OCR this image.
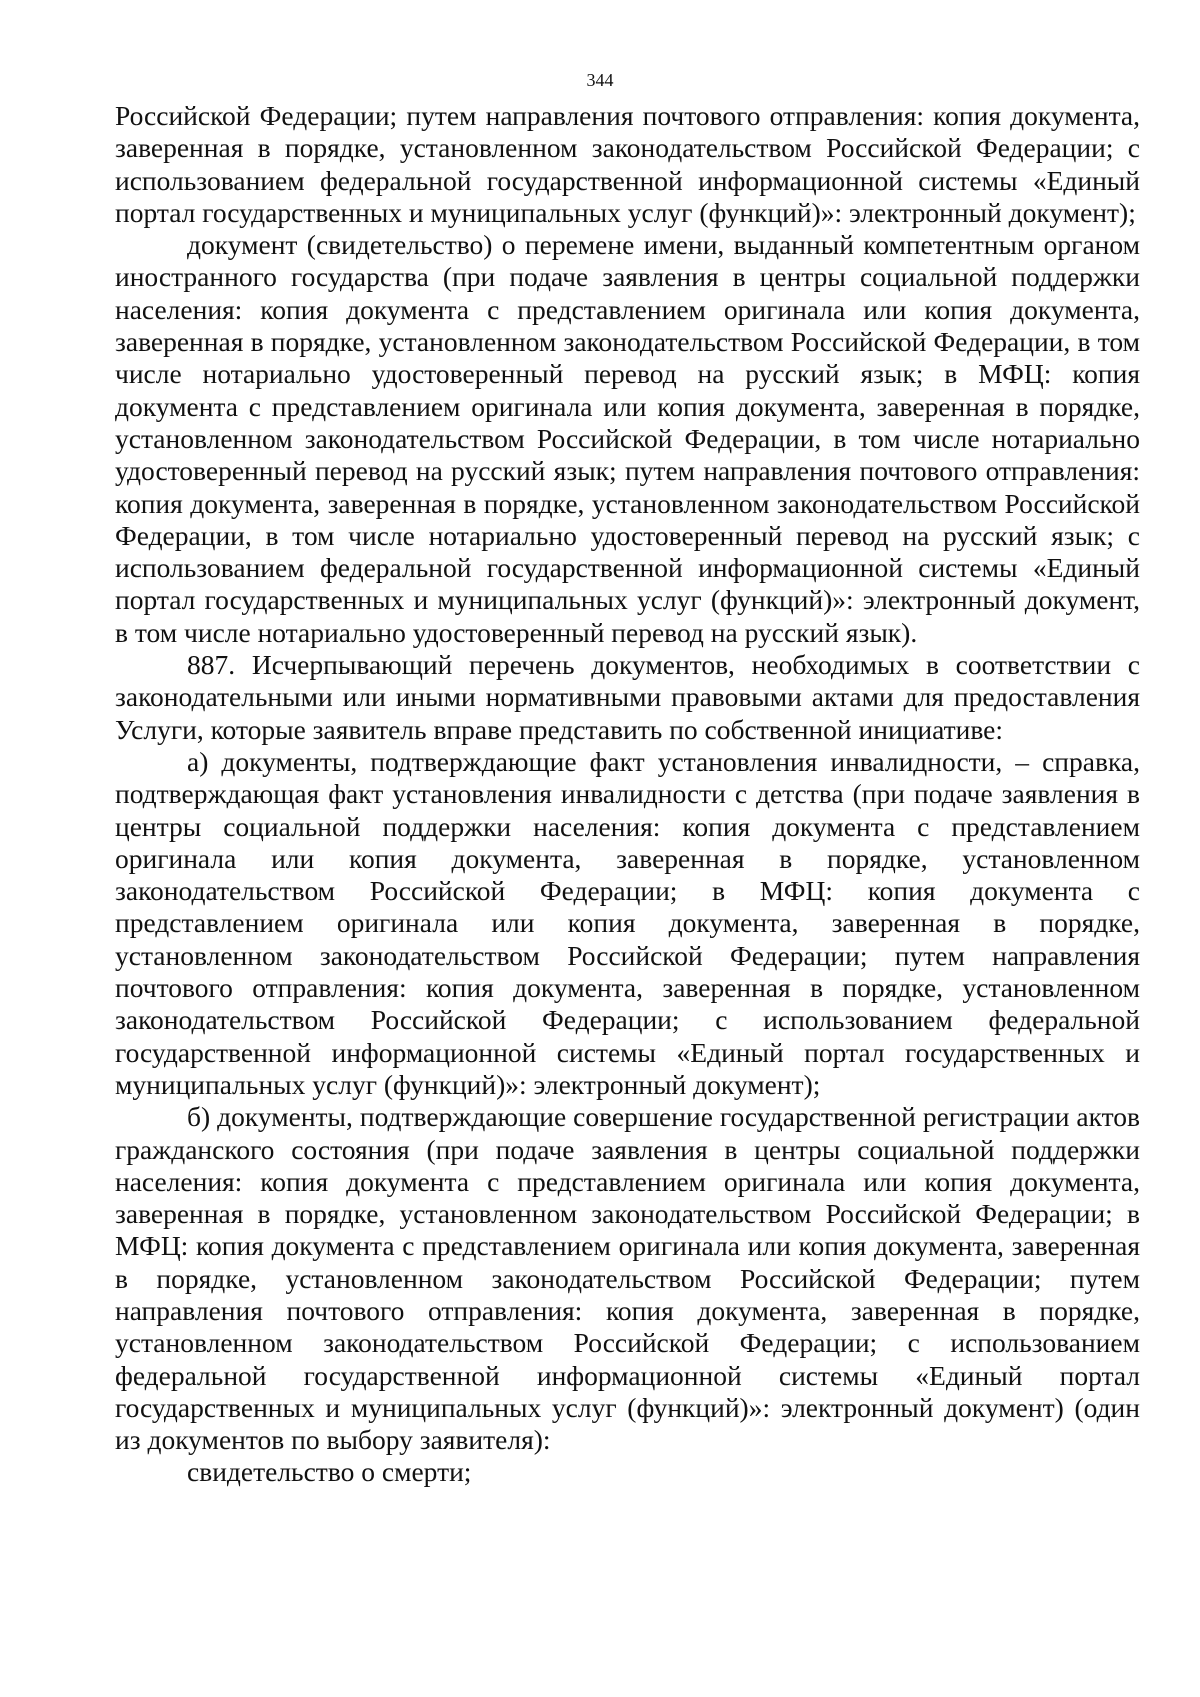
344

Российской Федерации; путем направления почтового отправления: копия документа, заверенная в порядке, установленном законодательством Российской Федерации; с использованием федеральной государственной информационной системы «Единый портал государственных и муниципальных услуг (функций)»: электронный документ);

документ (свидетельство) о перемене имени, выданный компетентным органом иностранного государства (при подаче заявления в центры социальной поддержки населения: копия документа с представлением оригинала или копия документа, заверенная в порядке, установленном законодательством Российской Федерации, в том числе нотариально удостоверенный перевод на русский язык; в МФЦ: копия документа с представлением оригинала или копия документа, заверенная в порядке, установленном законодательством Российской Федерации, в том числе нотариально удостоверенный перевод на русский язык; путем направления почтового отправления: копия документа, заверенная в порядке, установленном законодательством Российской Федерации, в том числе нотариально удостоверенный перевод на русский язык; с использованием федеральной государственной информационной системы «Единый портал государственных и муниципальных услуг (функций)»: электронный документ, в том числе нотариально удостоверенный перевод на русский язык).

887. Исчерпывающий перечень документов, необходимых в соответствии с законодательными или иными нормативными правовыми актами для предоставления Услуги, которые заявитель вправе представить по собственной инициативе:

а) документы, подтверждающие факт установления инвалидности, – справка, подтверждающая факт установления инвалидности с детства (при подаче заявления в центры социальной поддержки населения: копия документа с представлением оригинала или копия документа, заверенная в порядке, установленном законодательством Российской Федерации; в МФЦ: копия документа с представлением оригинала или копия документа, заверенная в порядке, установленном законодательством Российской Федерации; путем направления почтового отправления: копия документа, заверенная в порядке, установленном законодательством Российской Федерации; с использованием федеральной государственной информационной системы «Единый портал государственных и муниципальных услуг (функций)»: электронный документ);

б) документы, подтверждающие совершение государственной регистрации актов гражданского состояния (при подаче заявления в центры социальной поддержки населения: копия документа с представлением оригинала или копия документа, заверенная в порядке, установленном законодательством Российской Федерации; в МФЦ: копия документа с представлением оригинала или копия документа, заверенная в порядке, установленном законодательством Российской Федерации; путем направления почтового отправления: копия документа, заверенная в порядке, установленном законодательством Российской Федерации; с использованием федеральной государственной информационной системы «Единый портал государственных и муниципальных услуг (функций)»: электронный документ) (один из документов по выбору заявителя):

свидетельство о смерти;
